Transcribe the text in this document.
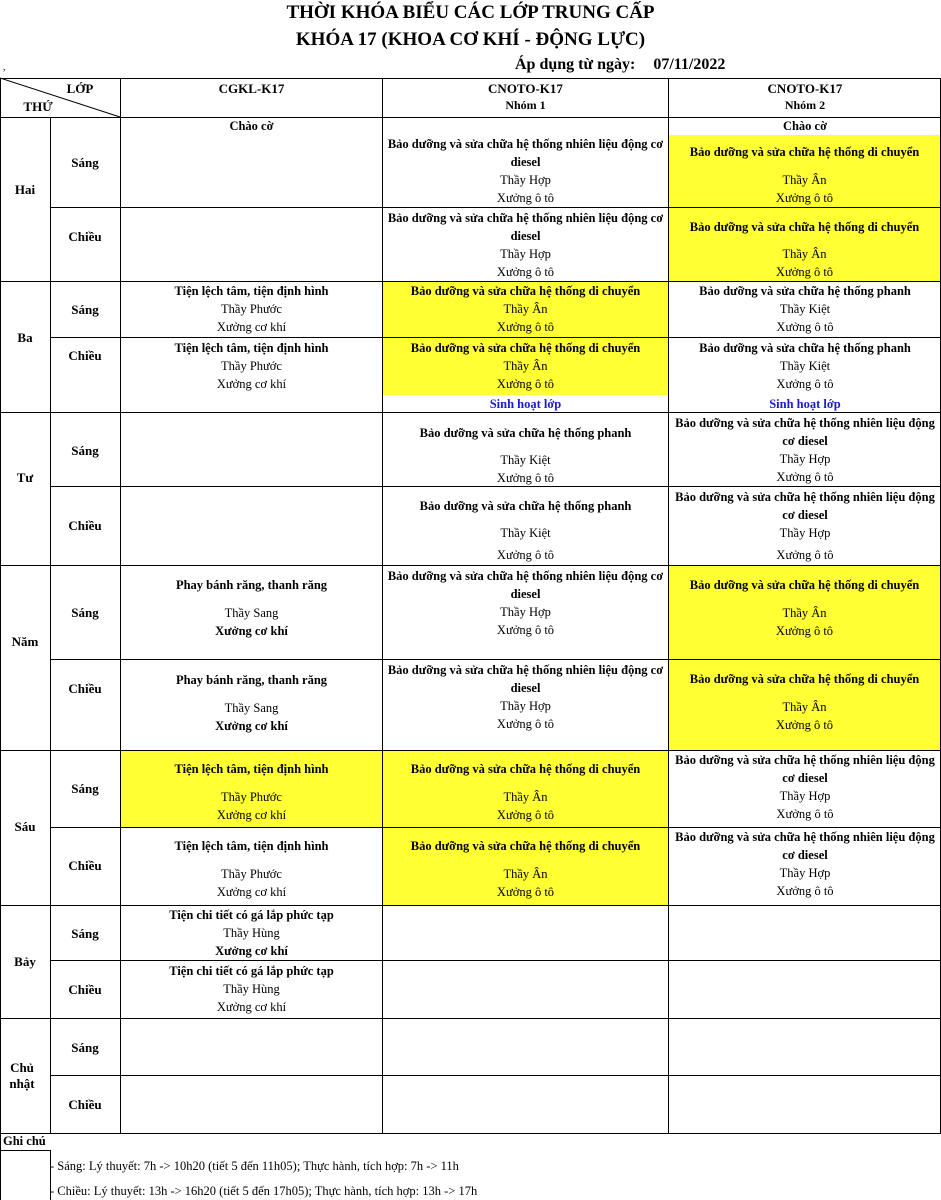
THỜI KHÓA BIỂU CÁC LỚP TRUNG CẤP
KHÓA 17 (KHOA CƠ KHÍ - ĐỘNG LỰC)
Áp dụng từ ngày: 07/11/2022
,
LỚP
THỨ
CGKL-K17	CNOTO-K17
Nhóm 1
CNOTO-K17
Nhóm 2
Hai
Ba
Tư
Năm
Sáu
Bảy
Chủ nhật
Sáng
Chiều
Sáng
Chiều
Sáng
Chiều
Sáng
Chiều
Sáng
Chiều
Sáng
Chiều
Sáng
Chiều
Chào cờ
Bảo dưỡng và sửa chữa hệ thống nhiên liệu động cơ diesel
Thầy Hợp
Xưởng ô tô
Chào cờ
Bảo dưỡng và sửa chữa hệ thống di chuyển
Thầy Ân
Xưởng ô tô
Bảo dưỡng và sửa chữa hệ thống nhiên liệu động cơ diesel
Thầy Hợp
Xưởng ô tô
Bảo dưỡng và sửa chữa hệ thống di chuyển
Thầy Ân
Xưởng ô tô
Tiện lệch tâm, tiện định hình
Thầy Phước
Xưởng cơ khí
Bảo dưỡng và sửa chữa hệ thống di chuyển
Thầy Ân
Xưởng ô tô
Bảo dưỡng và sửa chữa hệ thống phanh
Thầy Kiệt
Xưởng ô tô
Tiện lệch tâm, tiện định hình
Thầy Phước
Xưởng cơ khí
Bảo dưỡng và sửa chữa hệ thống di chuyển
Thầy Ân
Xưởng ô tô
Sinh hoạt lớp
Bảo dưỡng và sửa chữa hệ thống phanh
Thầy Kiệt
Xưởng ô tô
Sinh hoạt lớp
Bảo dưỡng và sửa chữa hệ thống phanh
Thầy Kiệt
Xưởng ô tô
Bảo dưỡng và sửa chữa hệ thống nhiên liệu động cơ diesel
Thầy Hợp
Xưởng ô tô
Bảo dưỡng và sửa chữa hệ thống phanh
Thầy Kiệt
Xưởng ô tô
Bảo dưỡng và sửa chữa hệ thống nhiên liệu động cơ diesel
Thầy Hợp
Xưởng ô tô
Phay bánh răng, thanh răng
Thầy Sang
Xưởng cơ khí
Bảo dưỡng và sửa chữa hệ thống nhiên liệu động cơ diesel
Thầy Hợp
Xưởng ô tô
Bảo dưỡng và sửa chữa hệ thống di chuyển
Thầy Ân
Xưởng ô tô
Phay bánh răng, thanh răng
Thầy Sang
Xưởng cơ khí
Bảo dưỡng và sửa chữa hệ thống nhiên liệu động cơ diesel
Thầy Hợp
Xưởng ô tô
Bảo dưỡng và sửa chữa hệ thống di chuyển
Thầy Ân
Xưởng ô tô
Tiện lệch tâm, tiện định hình
Thầy Phước
Xưởng cơ khí
Bảo dưỡng và sửa chữa hệ thống di chuyển
Thầy Ân
Xưởng ô tô
Bảo dưỡng và sửa chữa hệ thống nhiên liệu động cơ diesel
Thầy Hợp
Xưởng ô tô
Tiện lệch tâm, tiện định hình
Thầy Phước
Xưởng cơ khí
Bảo dưỡng và sửa chữa hệ thống di chuyển
Thầy Ân
Xưởng ô tô
Bảo dưỡng và sửa chữa hệ thống nhiên liệu động cơ diesel
Thầy Hợp
Xưởng ô tô
Tiện chi tiết có gá lắp phức tạp
Thầy Hùng
Xưởng cơ khí
Tiện chi tiết có gá lắp phức tạp
Thầy Hùng
Xưởng cơ khí
Ghi chú
- Sáng: Lý thuyết: 7h -> 10h20 (tiết 5 đến 11h05); Thực hành, tích hợp: 7h -> 11h
- Chiều: Lý thuyết: 13h -> 16h20 (tiết 5 đến 17h05); Thực hành, tích hợp: 13h -> 17h
